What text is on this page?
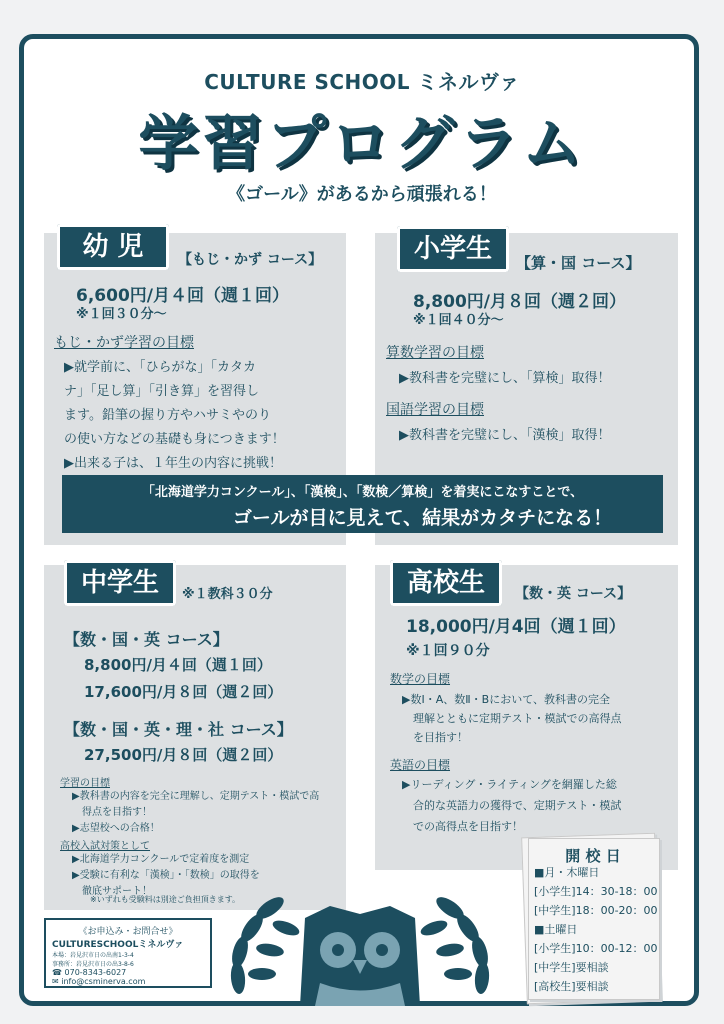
CULTURE SCHOOL ミネルヴァ
学習プログラム
《ゴール》があるから頑張れる！
幼 児	【もじ・かず コース】
6,600円/月４回（週１回）
※１回３０分～
もじ・かず学習の目標
▶就学前に、「ひらがな」「カタカ
ナ」「足し算」「引き算」を習得し
ます。鉛筆の握り方やハサミやのり
の使い方などの基礎も身につきます！
▶出来る子は、１年生の内容に挑戦！
小学生	【算・国 コース】
8,800円/月８回（週２回）
※１回４０分～
算数学習の目標
▶教科書を完璧にし、「算検」取得！
国語学習の目標
▶教科書を完璧にし、「漢検」取得！
「北海道学力コンクール」、「漢検」、「数検／算検」を着実にこなすことで、
ゴールが目に見えて、結果がカタチになる！
中学生	※１教科３０分
【数・国・英 コース】
8,800円/月４回（週１回）
17,600円/月８回（週２回）
【数・国・英・理・社 コース】
27,500円/月８回（週２回）
学習の目標
▶教科書の内容を完全に理解し、定期テスト・模試で高
得点を目指す！
▶志望校への合格！
高校入試対策として
▶北海道学力コンクールで定着度を測定
▶受験に有利な「漢検」・「数検」の取得を
徹底サポート！
※いずれも受験料は別途ご負担頂きます。
高校生	【数・英 コース】
18,000円/月4回（週１回）
※１回９０分
数学の目標
▶数Ⅰ・A、数Ⅱ・Bにおいて、教科書の完全
理解とともに定期テスト・模試での高得点
を目指す！
英語の目標
▶リーディング・ライティングを網羅した総
合的な英語力の獲得で、定期テスト・模試
での高得点を目指す！
《お申込み・お問合せ》
CULTURESCHOOLミネルヴァ
本場：岩見沢市日の出南1-3-4
事務所：岩見沢市日の出3-8-6
☎ 070-8343-6027
✉ info@csminerva.com
開 校 日
■月・木曜日
[小学生]14：30-18：00
[中学生]18：00-20：00
■土曜日
[小学生]10：00-12：00
[中学生]要相談
[高校生]要相談
